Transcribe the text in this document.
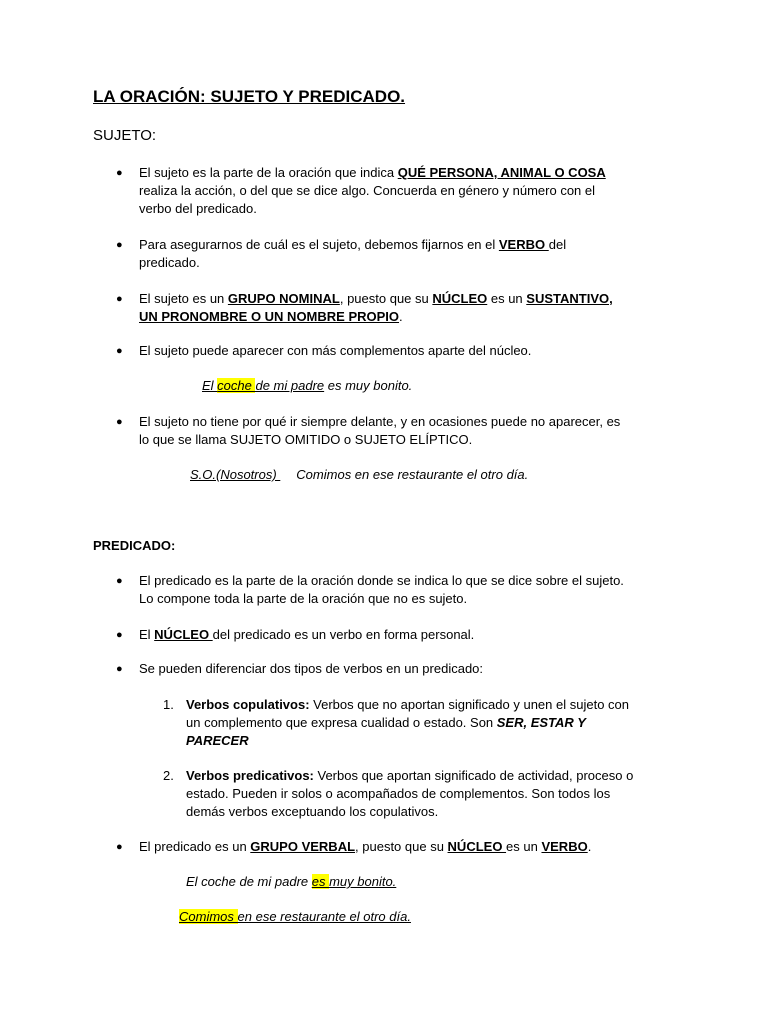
LA ORACIÓN: SUJETO Y PREDICADO.
SUJETO:
● El sujeto es la parte de la oración que indica QUÉ PERSONA, ANIMAL O COSA
realiza la acción, o del que se dice algo. Concuerda en género y número con el
verbo del predicado.
● Para asegurarnos de cuál es el sujeto, debemos fijarnos en el VERBO del
predicado.
● El sujeto es un GRUPO NOMINAL, puesto que su NÚCLEO es un SUSTANTIVO,
UN PRONOMBRE O UN NOMBRE PROPIO.
● El sujeto puede aparecer con más complementos aparte del núcleo.
El coche de mi padre es muy bonito.
● El sujeto no tiene por qué ir siempre delante, y en ocasiones puede no aparecer, es
lo que se llama SUJETO OMITIDO o SUJETO ELÍPTICO.
S.O.(Nosotros) Comimos en ese restaurante el otro día.
PREDICADO:
● El predicado es la parte de la oración donde se indica lo que se dice sobre el sujeto.
Lo compone toda la parte de la oración que no es sujeto.
● El NÚCLEO del predicado es un verbo en forma personal.
● Se pueden diferenciar dos tipos de verbos en un predicado:
1. Verbos copulativos: Verbos que no aportan significado y unen el sujeto con
un complemento que expresa cualidad o estado. Son SER, ESTAR Y
PARECER
2. Verbos predicativos: Verbos que aportan significado de actividad, proceso o
estado. Pueden ir solos o acompañados de complementos. Son todos los
demás verbos exceptuando los copulativos.
● El predicado es un GRUPO VERBAL, puesto que su NÚCLEO es un VERBO.
El coche de mi padre es muy bonito.
Comimos en ese restaurante el otro día.
